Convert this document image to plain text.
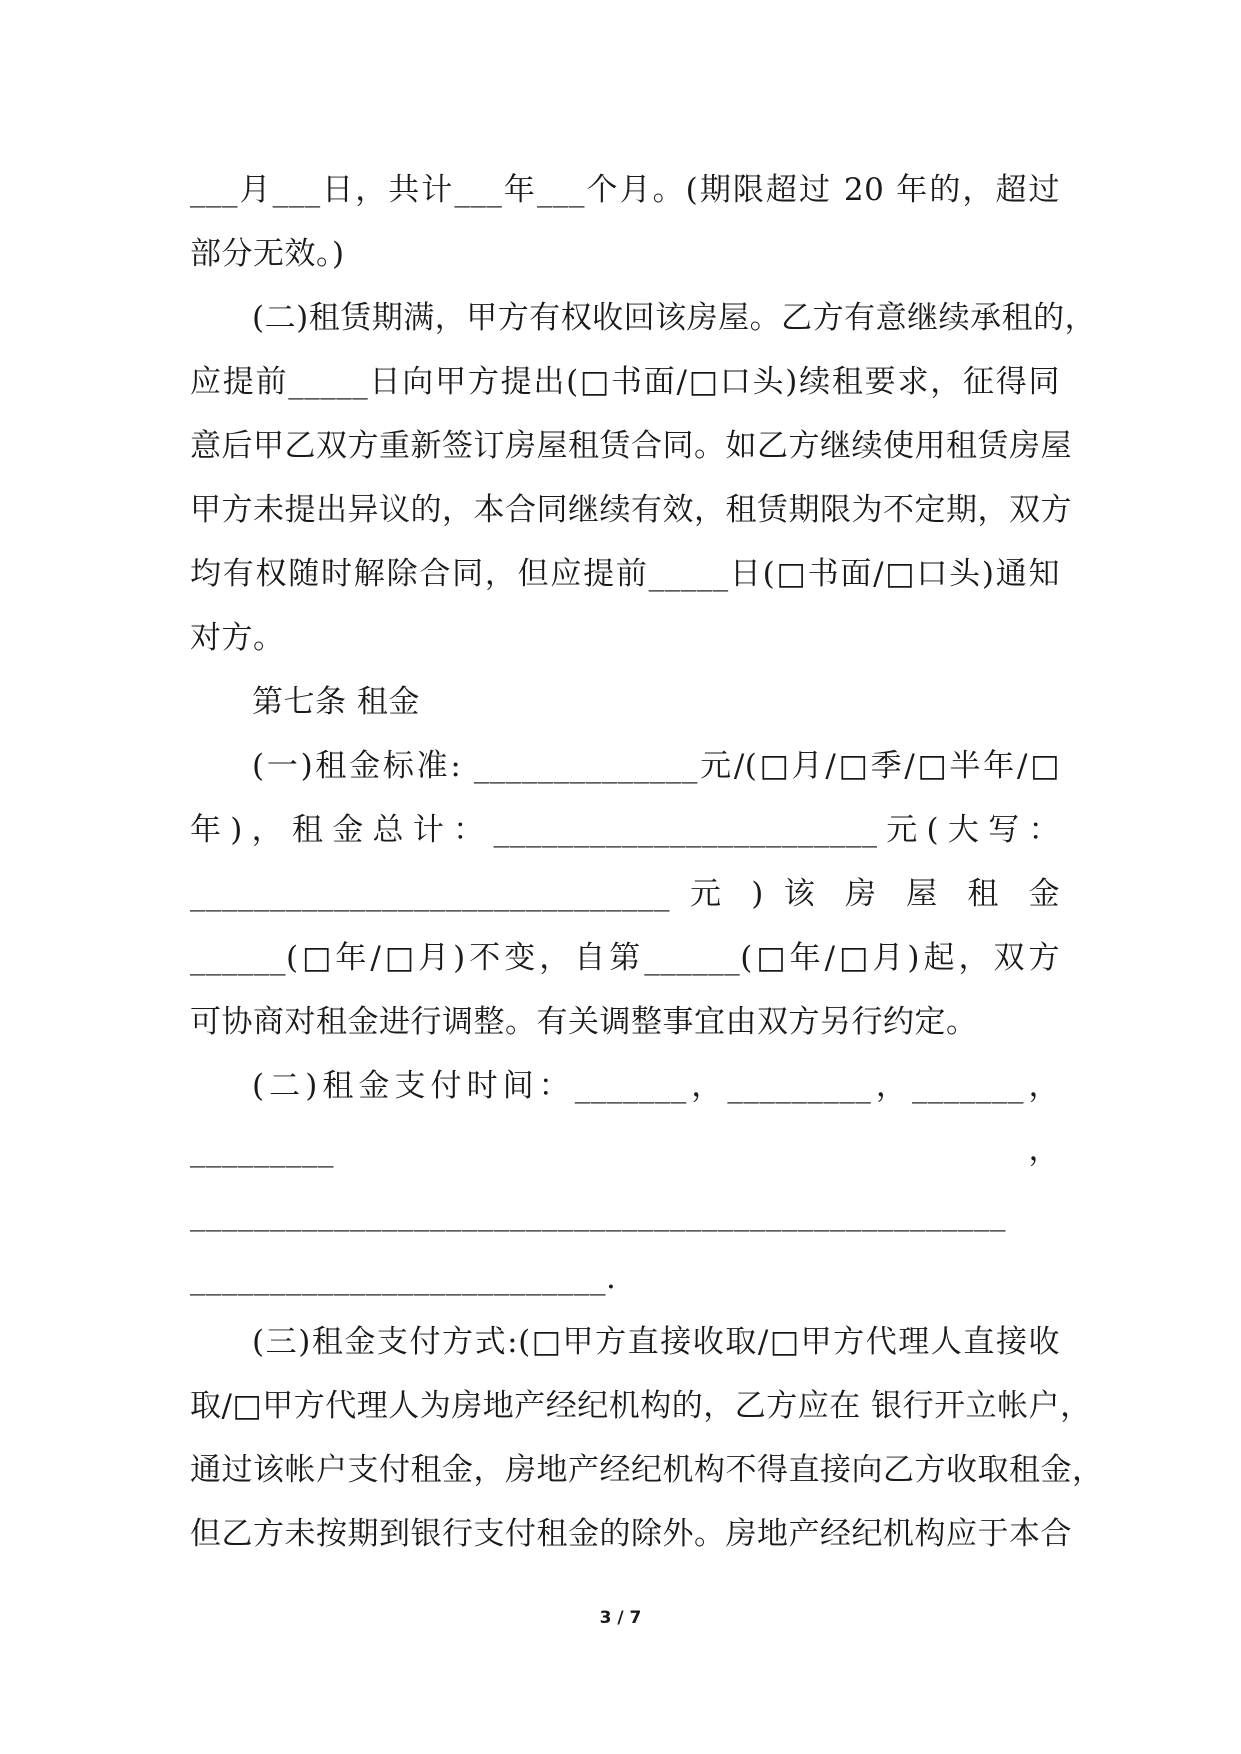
___月___日，共计___年___个月。(期限超过 20 年的，超过
部分无效。)
(二)租赁期满，甲方有权收回该房屋。乙方有意继续承租的，
应提前_____日向甲方提出(□书面/□口头)续租要求，征得同
意后甲乙双方重新签订房屋租赁合同。如乙方继续使用租赁房屋
甲方未提出异议的，本合同继续有效，租赁期限为不定期，双方
均有权随时解除合同，但应提前_____日(□书面/□口头)通知
对方。
第七条 租金
(一)租金标准: ______________元/(□月/□季/□半年/□
年)，租金总计：________________________元(大写：
______________________________ 元 ) 该 房 屋 租 金
______(□年/□月)不变，自第______(□年/□月)起，双方
可协商对租金进行调整。有关调整事宜由双方另行约定。
(二)租金支付时间：_______，_________，_______，
_________ ，
___________________________________________________
__________________________.
(三)租金支付方式:(□甲方直接收取/□甲方代理人直接收
取/□甲方代理人为房地产经纪机构的，乙方应在 银行开立帐户，
通过该帐户支付租金，房地产经纪机构不得直接向乙方收取租金，
但乙方未按期到银行支付租金的除外。房地产经纪机构应于本合
3 / 7
